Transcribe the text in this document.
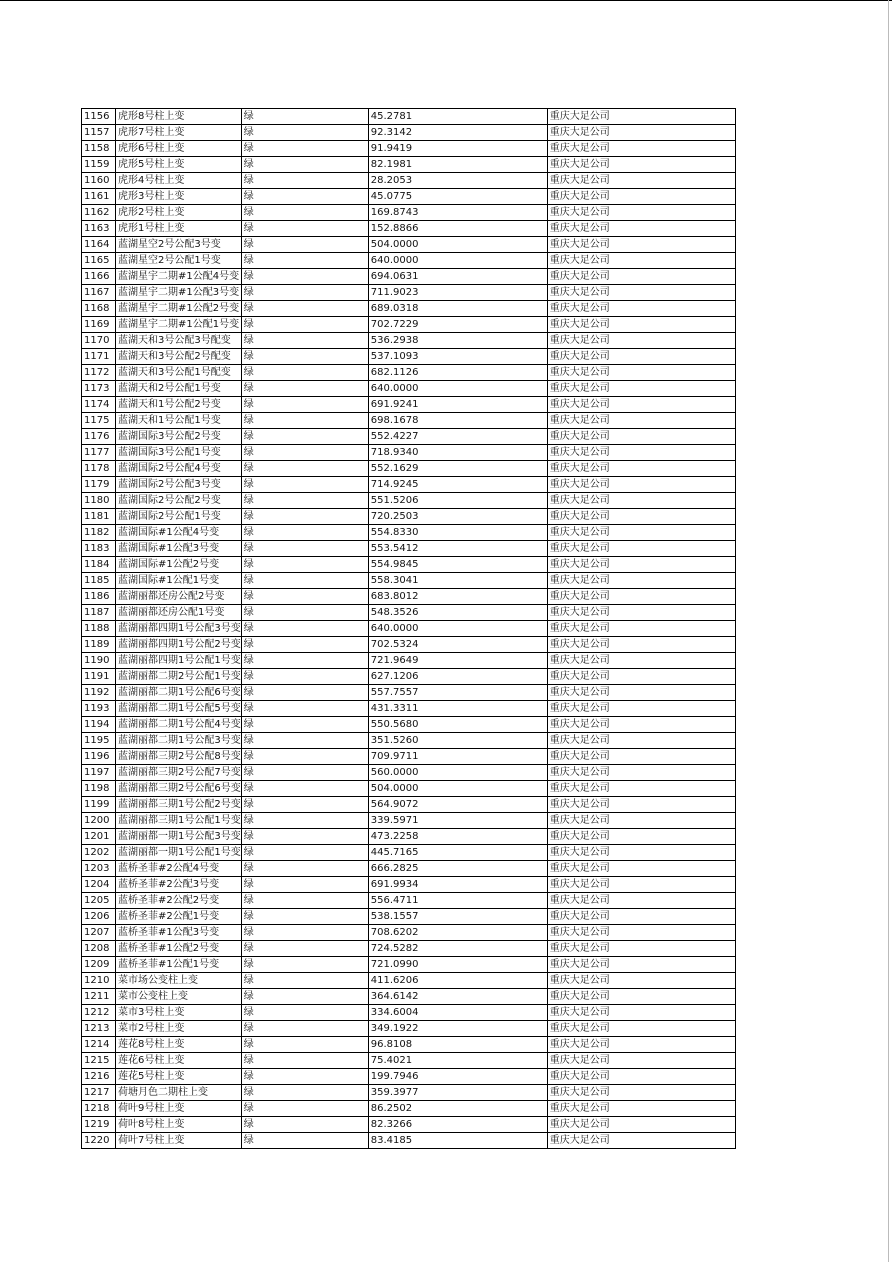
1156	虎形8号柱上变	绿	45.2781	重庆大足公司
1157	虎形7号柱上变	绿	92.3142	重庆大足公司
1158	虎形6号柱上变	绿	91.9419	重庆大足公司
1159	虎形5号柱上变	绿	82.1981	重庆大足公司
1160	虎形4号柱上变	绿	28.2053	重庆大足公司
1161	虎形3号柱上变	绿	45.0775	重庆大足公司
1162	虎形2号柱上变	绿	169.8743	重庆大足公司
1163	虎形1号柱上变	绿	152.8866	重庆大足公司
1164	蓝湖星空2号公配3号变	绿	504.0000	重庆大足公司
1165	蓝湖星空2号公配1号变	绿	640.0000	重庆大足公司
1166	蓝湖星宇二期#1公配4号变	绿	694.0631	重庆大足公司
1167	蓝湖星宇二期#1公配3号变	绿	711.9023	重庆大足公司
1168	蓝湖星宇二期#1公配2号变	绿	689.0318	重庆大足公司
1169	蓝湖星宇二期#1公配1号变	绿	702.7229	重庆大足公司
1170	蓝湖天和3号公配3号配变	绿	536.2938	重庆大足公司
1171	蓝湖天和3号公配2号配变	绿	537.1093	重庆大足公司
1172	蓝湖天和3号公配1号配变	绿	682.1126	重庆大足公司
1173	蓝湖天和2号公配1号变	绿	640.0000	重庆大足公司
1174	蓝湖天和1号公配2号变	绿	691.9241	重庆大足公司
1175	蓝湖天和1号公配1号变	绿	698.1678	重庆大足公司
1176	蓝湖国际3号公配2号变	绿	552.4227	重庆大足公司
1177	蓝湖国际3号公配1号变	绿	718.9340	重庆大足公司
1178	蓝湖国际2号公配4号变	绿	552.1629	重庆大足公司
1179	蓝湖国际2号公配3号变	绿	714.9245	重庆大足公司
1180	蓝湖国际2号公配2号变	绿	551.5206	重庆大足公司
1181	蓝湖国际2号公配1号变	绿	720.2503	重庆大足公司
1182	蓝湖国际#1公配4号变	绿	554.8330	重庆大足公司
1183	蓝湖国际#1公配3号变	绿	553.5412	重庆大足公司
1184	蓝湖国际#1公配2号变	绿	554.9845	重庆大足公司
1185	蓝湖国际#1公配1号变	绿	558.3041	重庆大足公司
1186	蓝湖丽都还房公配2号变	绿	683.8012	重庆大足公司
1187	蓝湖丽都还房公配1号变	绿	548.3526	重庆大足公司
1188	蓝湖丽都四期1号公配3号变	绿	640.0000	重庆大足公司
1189	蓝湖丽都四期1号公配2号变	绿	702.5324	重庆大足公司
1190	蓝湖丽都四期1号公配1号变	绿	721.9649	重庆大足公司
1191	蓝湖丽都二期2号公配1号变	绿	627.1206	重庆大足公司
1192	蓝湖丽都二期1号公配6号变	绿	557.7557	重庆大足公司
1193	蓝湖丽都二期1号公配5号变	绿	431.3311	重庆大足公司
1194	蓝湖丽都二期1号公配4号变	绿	550.5680	重庆大足公司
1195	蓝湖丽都二期1号公配3号变	绿	351.5260	重庆大足公司
1196	蓝湖丽都三期2号公配8号变	绿	709.9711	重庆大足公司
1197	蓝湖丽都三期2号公配7号变	绿	560.0000	重庆大足公司
1198	蓝湖丽都三期2号公配6号变	绿	504.0000	重庆大足公司
1199	蓝湖丽都三期1号公配2号变	绿	564.9072	重庆大足公司
1200	蓝湖丽都三期1号公配1号变	绿	339.5971	重庆大足公司
1201	蓝湖丽都一期1号公配3号变	绿	473.2258	重庆大足公司
1202	蓝湖丽都一期1号公配1号变	绿	445.7165	重庆大足公司
1203	蓝桥圣菲#2公配4号变	绿	666.2825	重庆大足公司
1204	蓝桥圣菲#2公配3号变	绿	691.9934	重庆大足公司
1205	蓝桥圣菲#2公配2号变	绿	556.4711	重庆大足公司
1206	蓝桥圣菲#2公配1号变	绿	538.1557	重庆大足公司
1207	蓝桥圣菲#1公配3号变	绿	708.6202	重庆大足公司
1208	蓝桥圣菲#1公配2号变	绿	724.5282	重庆大足公司
1209	蓝桥圣菲#1公配1号变	绿	721.0990	重庆大足公司
1210	菜市场公变柱上变	绿	411.6206	重庆大足公司
1211	菜市公变柱上变	绿	364.6142	重庆大足公司
1212	菜市3号柱上变	绿	334.6004	重庆大足公司
1213	菜市2号柱上变	绿	349.1922	重庆大足公司
1214	莲花8号柱上变	绿	96.8108	重庆大足公司
1215	莲花6号柱上变	绿	75.4021	重庆大足公司
1216	莲花5号柱上变	绿	199.7946	重庆大足公司
1217	荷塘月色二期柱上变	绿	359.3977	重庆大足公司
1218	荷叶9号柱上变	绿	86.2502	重庆大足公司
1219	荷叶8号柱上变	绿	82.3266	重庆大足公司
1220	荷叶7号柱上变	绿	83.4185	重庆大足公司
